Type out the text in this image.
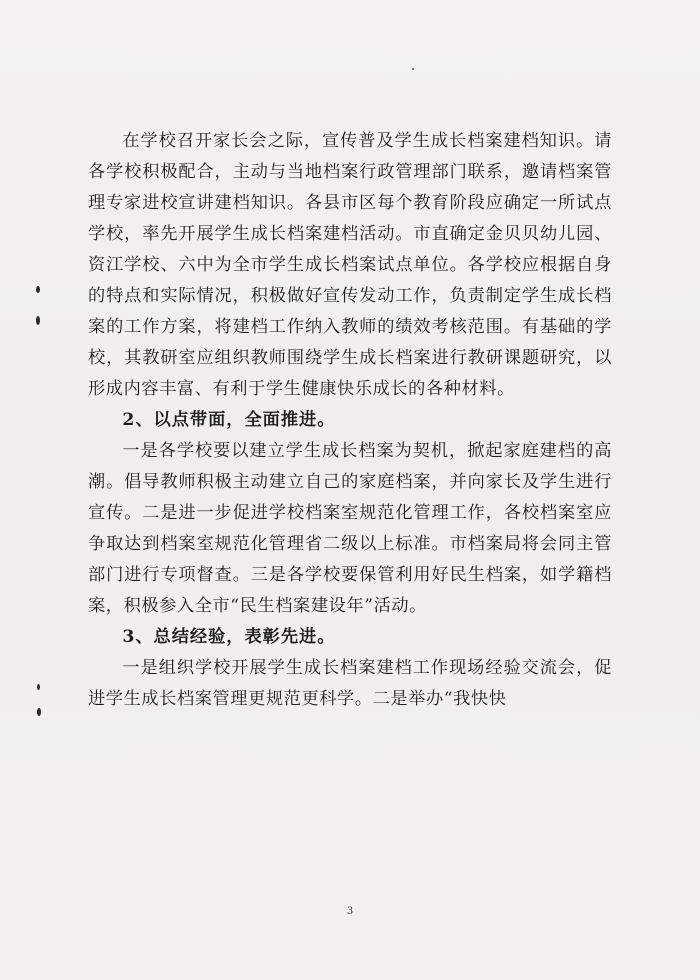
在学校召开家长会之际，宣传普及学生成长档案建档知识。请各学校积极配合，主动与当地档案行政管理部门联系，邀请档案管理专家进校宣讲建档知识。各县市区每个教育阶段应确定一所试点学校，率先开展学生成长档案建档活动。市直确定金贝贝幼儿园、资江学校、六中为全市学生成长档案试点单位。各学校应根据自身的特点和实际情况，积极做好宣传发动工作，负责制定学生成长档案的工作方案，将建档工作纳入教师的绩效考核范围。有基础的学校，其教研室应组织教师围绕学生成长档案进行教研课题研究，以形成内容丰富、有利于学生健康快乐成长的各种材料。

2、以点带面，全面推进。

一是各学校要以建立学生成长档案为契机，掀起家庭建档的高潮。倡导教师积极主动建立自己的家庭档案，并向家长及学生进行宣传。二是进一步促进学校档案室规范化管理工作，各校档案室应争取达到档案室规范化管理省二级以上标准。市档案局将会同主管部门进行专项督查。三是各学校要保管利用好民生档案，如学籍档案，积极参入全市“民生档案建设年”活动。

3、总结经验，表彰先进。

一是组织学校开展学生成长档案建档工作现场经验交流会，促进学生成长档案管理更规范更科学。二是举办“我快快

3
